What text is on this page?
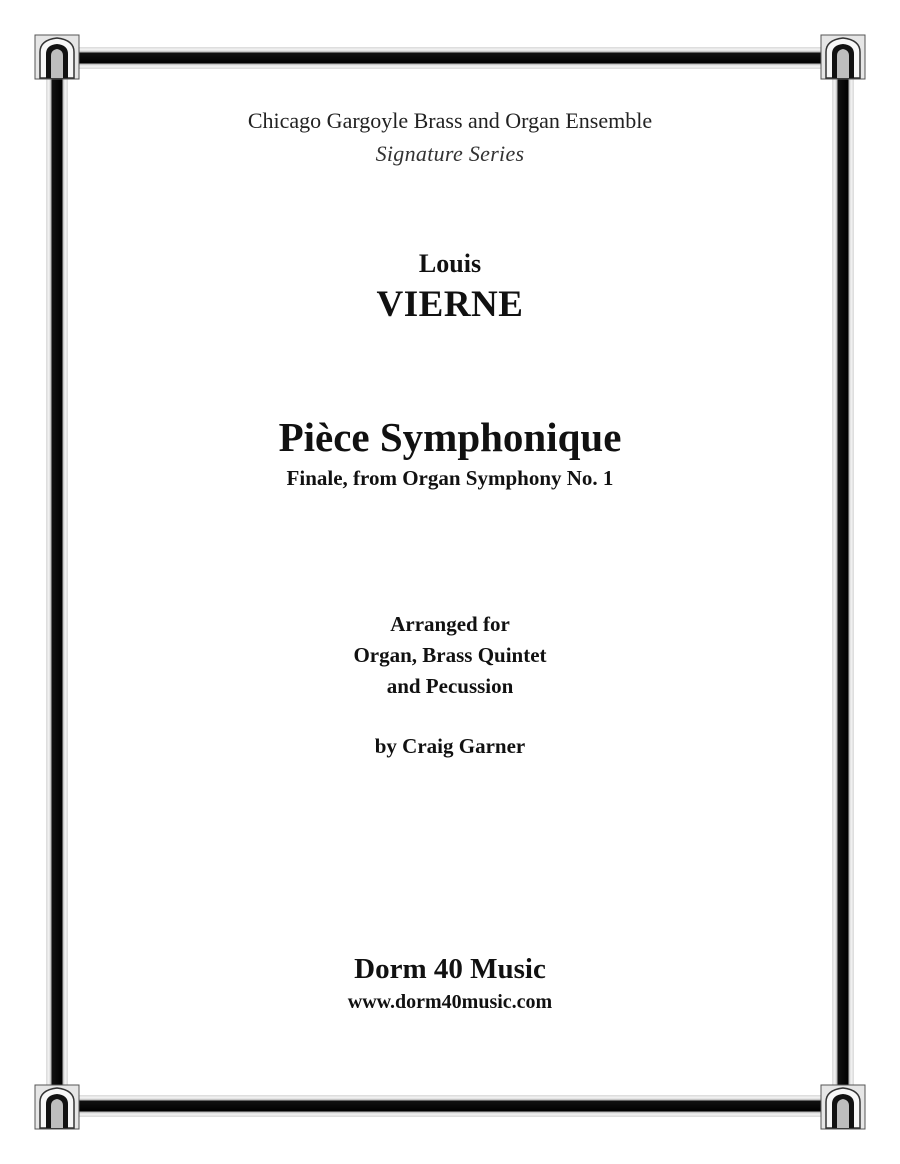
Chicago Gargoyle Brass and Organ Ensemble
Signature Series
Louis
VIERNE
Pièce Symphonique
Finale, from Organ Symphony No. 1
Arranged for
Organ, Brass Quintet
and Pecussion
by Craig Garner
Dorm 40 Music
www.dorm40music.com
